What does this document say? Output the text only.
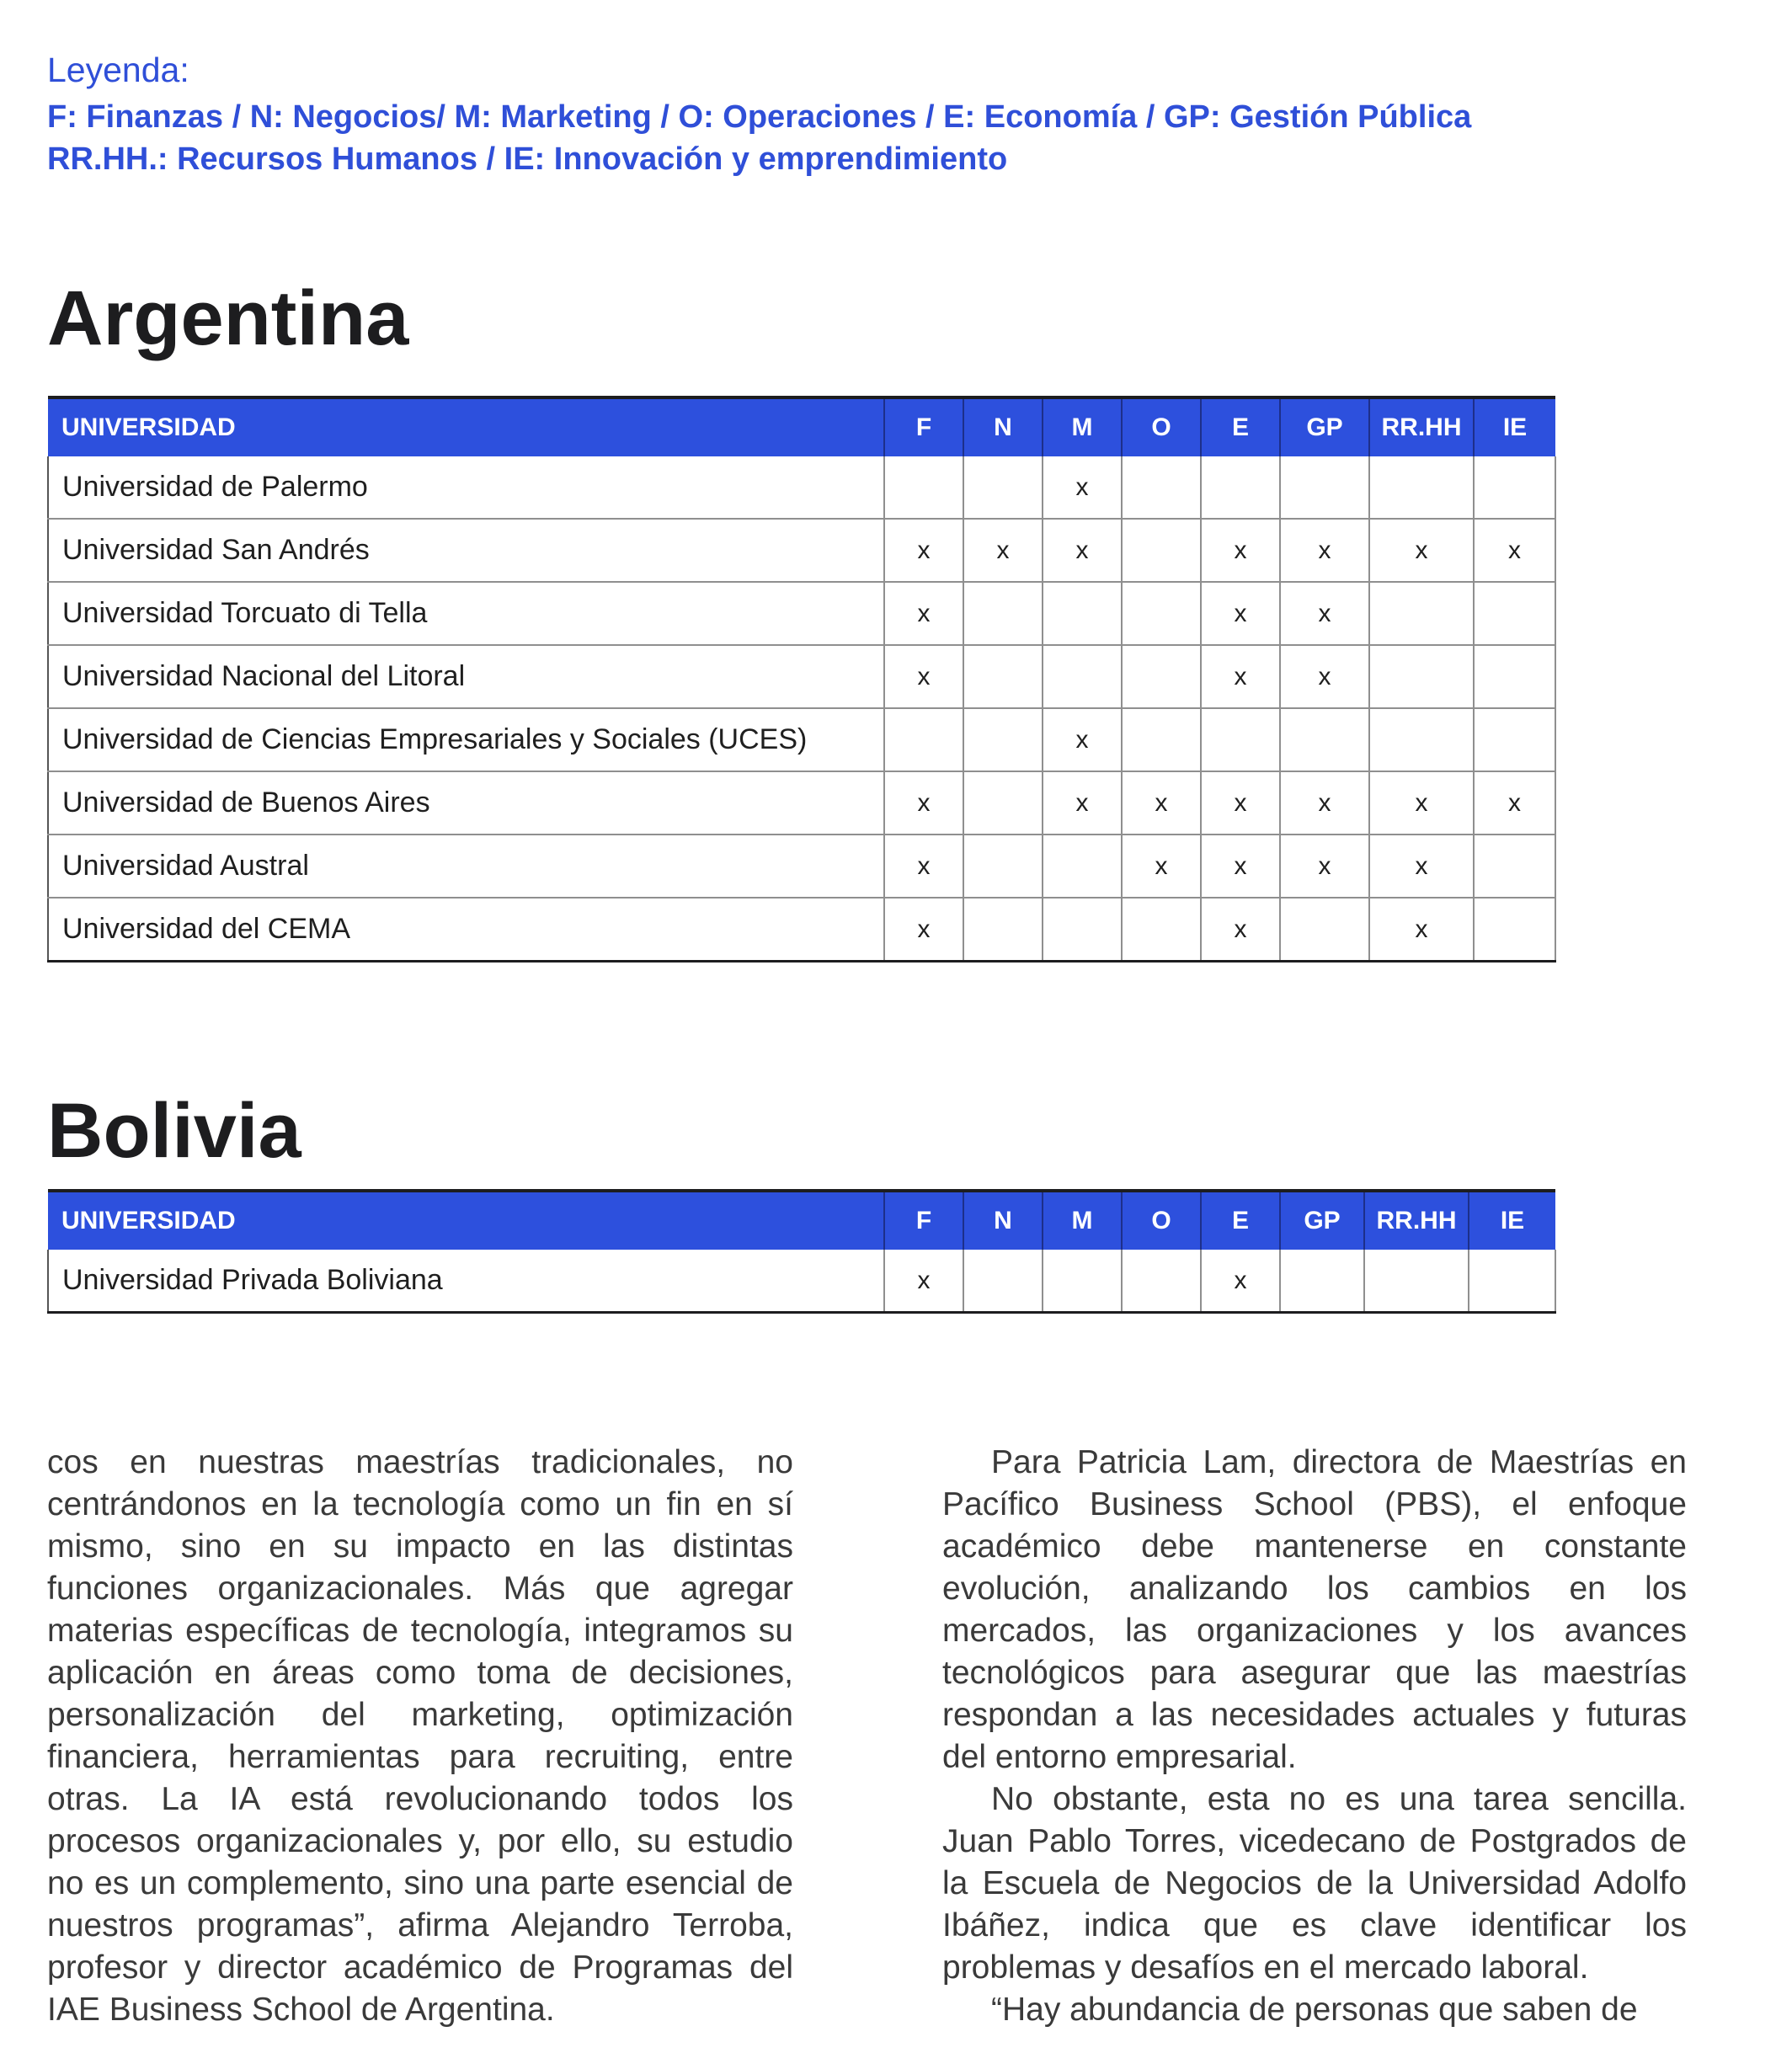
Leyenda:
F: Finanzas / N: Negocios/ M: Marketing / O: Operaciones / E: Economía / GP: Gestión Pública
RR.HH.: Recursos Humanos / IE: Innovación y emprendimiento
Argentina
UNIVERSIDAD	F	N	M	O	E	GP	RR.HH	IE
Universidad de Palermo			x					
Universidad San Andrés	x	x	x		x	x	x	x
Universidad Torcuato di Tella	x				x	x		
Universidad Nacional del Litoral	x				x	x		
Universidad de Ciencias Empresariales y Sociales (UCES)			x					
Universidad de Buenos Aires	x		x	x	x	x	x	x
Universidad Austral	x			x	x	x	x	
Universidad del CEMA	x				x		x	
Bolivia
UNIVERSIDAD	F	N	M	O	E	GP	RR.HH	IE
Universidad Privada Boliviana	x				x			

cos en nuestras maestrías tradicionales, no centrándonos en la tecnología como un fin en sí mismo, sino en su impacto en las distintas funciones organizacionales. Más que agregar materias específicas de tecnología, integramos su aplicación en áreas como toma de decisiones, personalización del marketing, optimización financiera, herramientas para recruiting, entre otras. La IA está revolucionando todos los procesos organizacionales y, por ello, su estudio no es un complemento, sino una parte esencial de nuestros programas”, afirma Alejandro Terroba, profesor y director académico de Programas del IAE Business School de Argentina.

Para Patricia Lam, directora de Maestrías en Pacífico Business School (PBS), el enfoque académico debe mantenerse en constante evolución, analizando los cambios en los mercados, las organizaciones y los avances tecnológicos para asegurar que las maestrías respondan a las necesidades actuales y futuras del entorno empresarial.

No obstante, esta no es una tarea sencilla. Juan Pablo Torres, vicedecano de Postgrados de la Escuela de Negocios de la Universidad Adolfo Ibáñez, indica que es clave identificar los problemas y desafíos en el mercado laboral.

“Hay abundancia de personas que saben de
